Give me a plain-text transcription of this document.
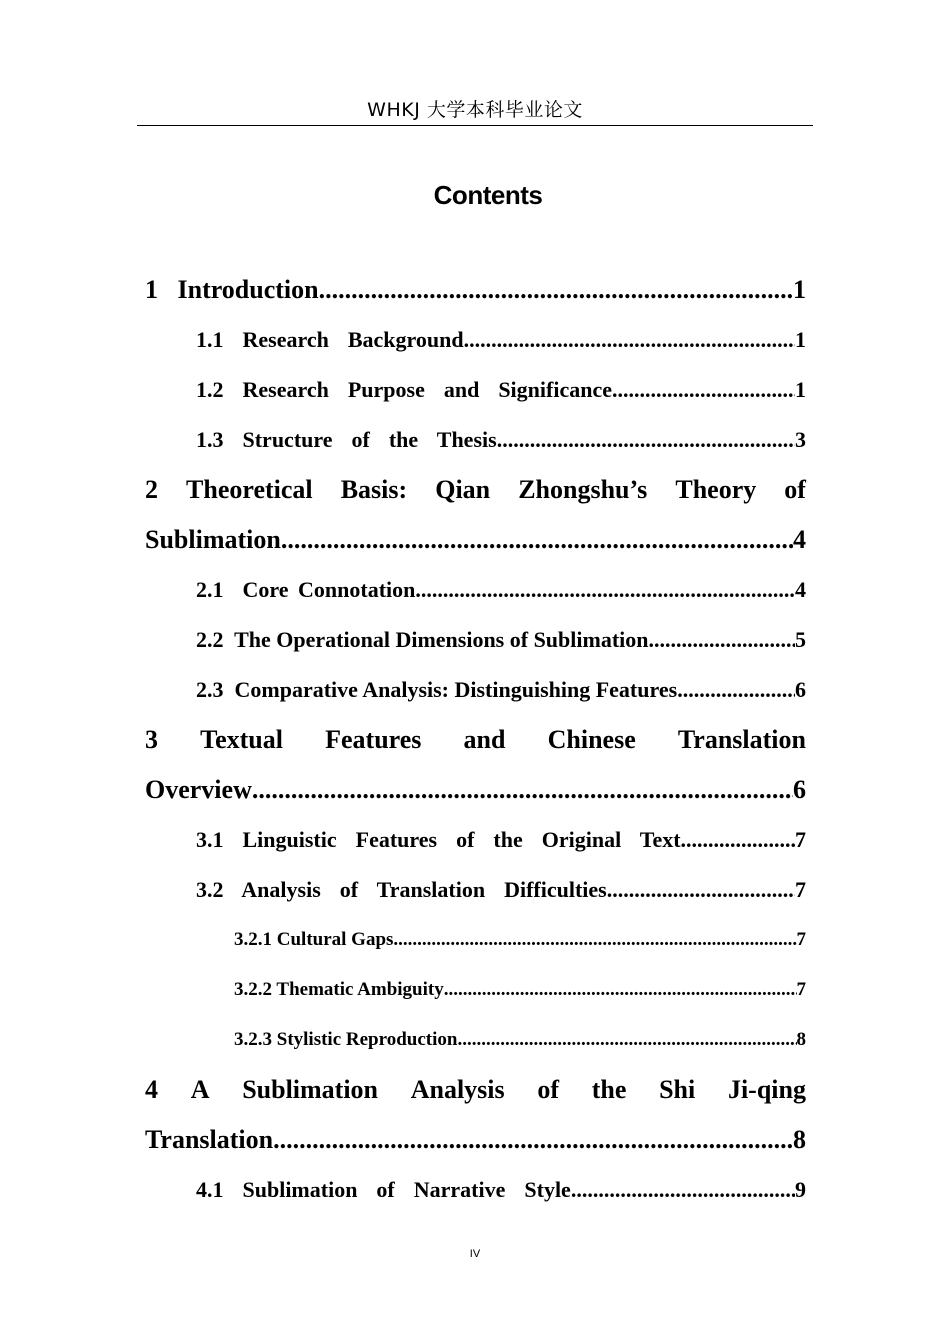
WHKJ 大学本科毕业论文
Contents
1   Introduction .....	1
1.1  Research  Background .....	1
1.2  Research  Purpose  and  Significance .....	1
1.3  Structure  of  the  Thesis .....	3
2 Theoretical Basis: Qian Zhongshu’s Theory of
Sublimation .....	4
2.1  Core Connotation .....	4
2.2  The Operational Dimensions of Sublimation .....	5
2.3  Comparative Analysis: Distinguishing Features .....	6
3 Textual Features and Chinese Translation
Overview .....	6
3.1  Linguistic  Features  of  the  Original  Text .....	7
3.2  Analysis  of  Translation  Difficulties .....	7
3.2.1 Cultural Gaps .....	7
3.2.2 Thematic Ambiguity .....	7
3.2.3 Stylistic Reproduction .....	8
4 A Sublimation Analysis of the Shi Ji-qing
Translation .....	8
4.1  Sublimation  of  Narrative  Style .....	9
IV
